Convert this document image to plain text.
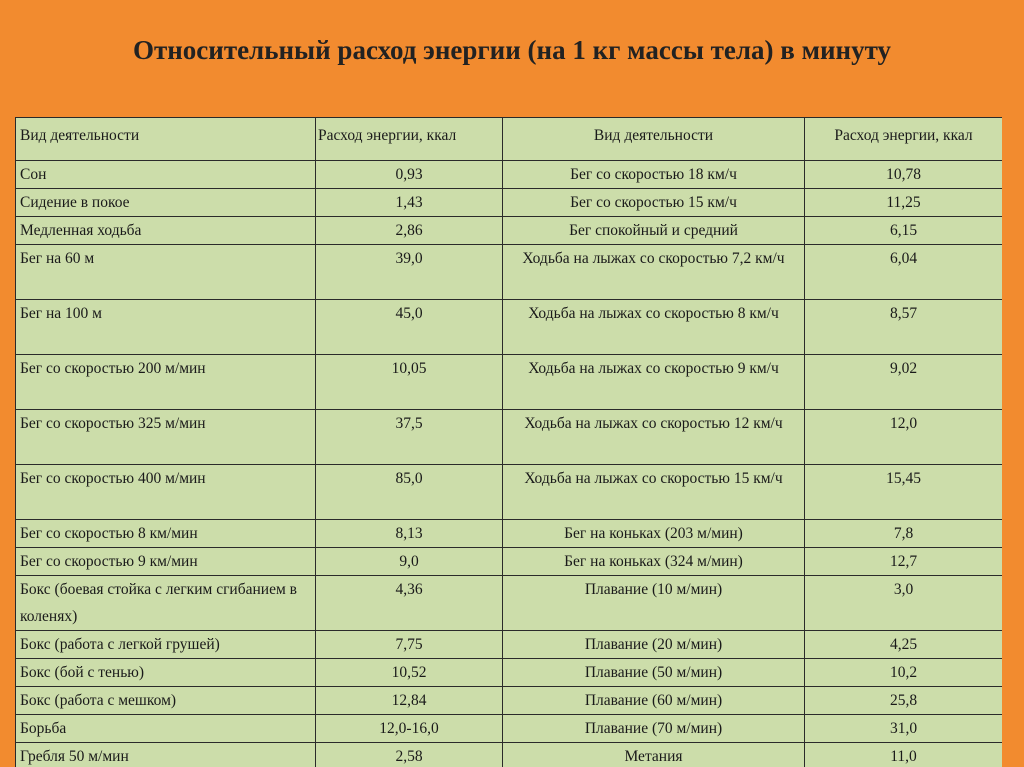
Относительный расход энергии (на 1 кг массы тела) в минуту
Вид деятельности	Расход энергии, ккал	Вид деятельности	Расход энергии, ккал
Сон	0,93	Бег со скоростью 18 км/ч	10,78
Сидение в покое	1,43	Бег со скоростью 15 км/ч	11,25
Медленная ходьба	2,86	Бег спокойный и средний	6,15
Бег на 60 м	39,0	Ходьба на лыжах со скоростью 7,2 км/ч	6,04
Бег на 100 м	45,0	Ходьба на лыжах со скоростью 8 км/ч	8,57
Бег со скоростью 200 м/мин	10,05	Ходьба на лыжах со скоростью 9 км/ч	9,02
Бег со скоростью 325 м/мин	37,5	Ходьба на лыжах со скоростью 12 км/ч	12,0
Бег со скоростью 400 м/мин	85,0	Ходьба на лыжах со скоростью 15 км/ч	15,45
Бег со скоростью 8 км/мин	8,13	Бег на коньках (203 м/мин)	7,8
Бег со скоростью 9 км/мин	9,0	Бег на коньках (324 м/мин)	12,7
Бокс (боевая стойка с легким сгибанием в коленях)	4,36	Плавание (10 м/мин)	3,0
Бокс (работа с легкой грушей)	7,75	Плавание (20 м/мин)	4,25
Бокс (бой с тенью)	10,52	Плавание (50 м/мин)	10,2
Бокс (работа с мешком)	12,84	Плавание (60 м/мин)	25,8
Борьба	12,0-16,0	Плавание (70 м/мин)	31,0
Гребля 50 м/мин	2,58	Метания	11,0
